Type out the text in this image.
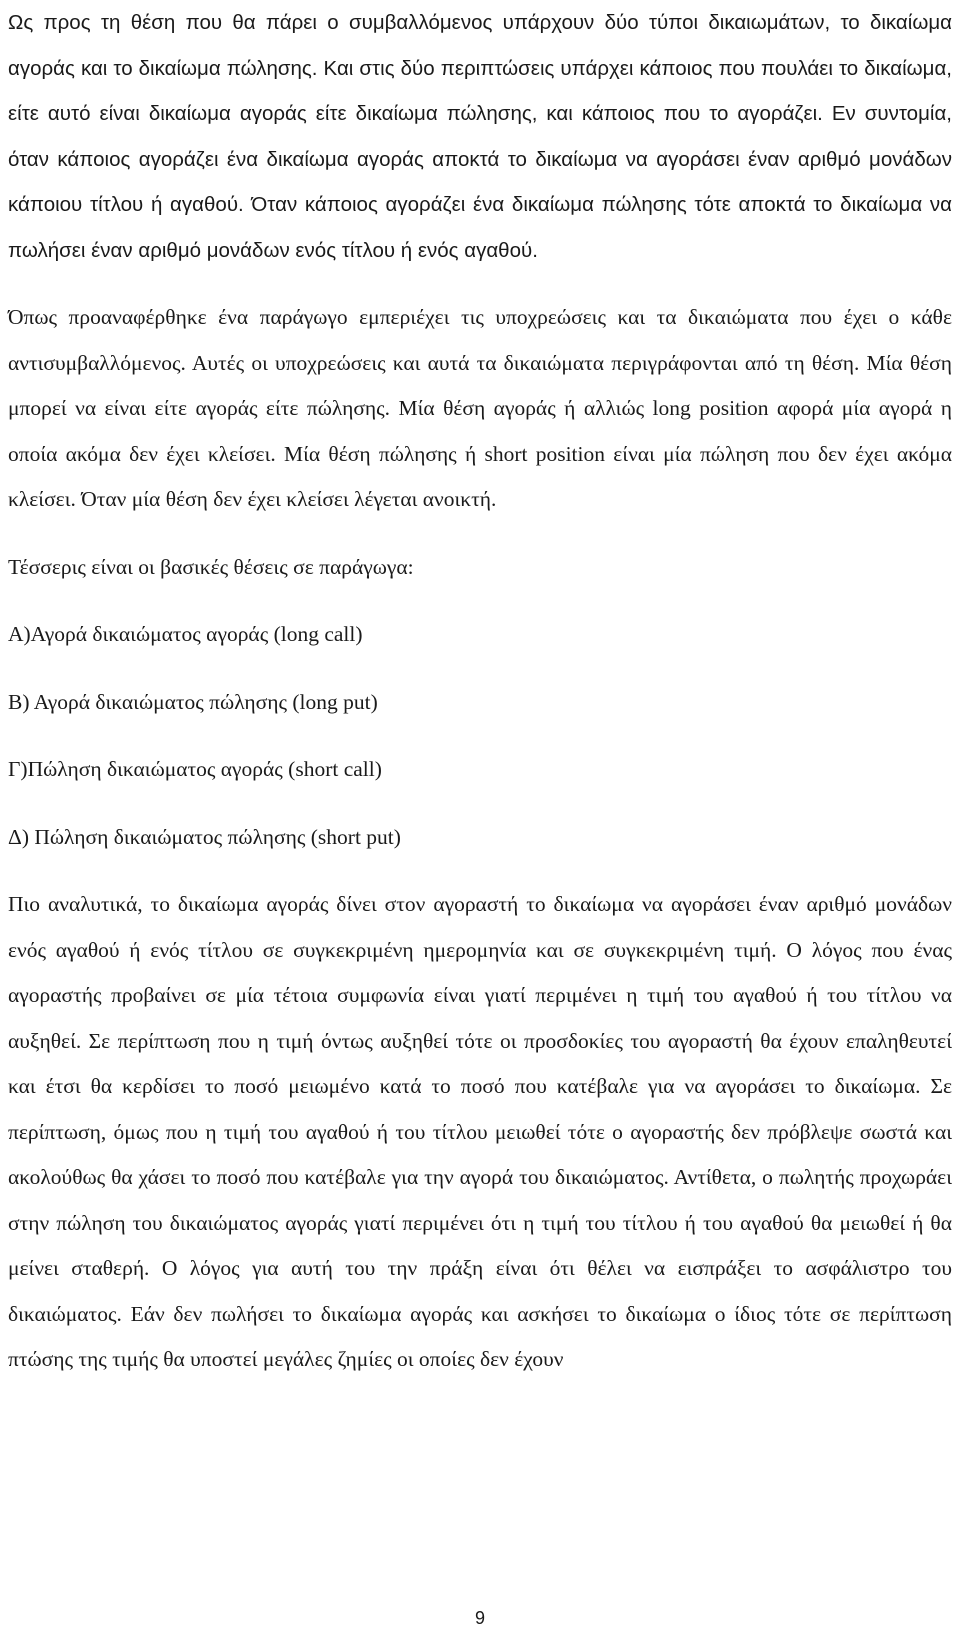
Ως προς τη θέση που θα πάρει ο συμβαλλόμενος υπάρχουν δύο τύποι δικαιωμάτων, το δικαίωμα αγοράς και το δικαίωμα πώλησης. Και στις δύο περιπτώσεις υπάρχει κάποιος που πουλάει το δικαίωμα, είτε αυτό είναι δικαίωμα αγοράς είτε δικαίωμα πώλησης, και κάποιος που το αγοράζει. Εν συντομία, όταν κάποιος αγοράζει ένα δικαίωμα αγοράς αποκτά το δικαίωμα να αγοράσει έναν αριθμό μονάδων κάποιου τίτλου ή αγαθού. Όταν κάποιος αγοράζει ένα δικαίωμα πώλησης τότε αποκτά το δικαίωμα να πωλήσει έναν αριθμό μονάδων ενός τίτλου ή ενός αγαθού.

Όπως προαναφέρθηκε ένα παράγωγο εμπεριέχει τις υποχρεώσεις και τα δικαιώματα που έχει ο κάθε αντισυμβαλλόμενος. Αυτές οι υποχρεώσεις και αυτά τα δικαιώματα περιγράφονται από τη θέση. Μία θέση μπορεί να είναι είτε αγοράς είτε πώλησης. Μία θέση αγοράς ή αλλιώς long position αφορά μία αγορά η οποία ακόμα δεν έχει κλείσει. Μία θέση πώλησης ή short position είναι μία πώληση που δεν έχει ακόμα κλείσει. Όταν μία θέση δεν έχει κλείσει λέγεται ανοικτή.

Τέσσερις είναι οι βασικές θέσεις σε παράγωγα:

Α)Αγορά δικαιώματος αγοράς (long call)

Β) Αγορά δικαιώματος πώλησης (long put)

Γ)Πώληση δικαιώματος αγοράς (short call)

Δ) Πώληση δικαιώματος πώλησης (short put)

Πιο αναλυτικά, το δικαίωμα αγοράς δίνει στον αγοραστή το δικαίωμα να αγοράσει έναν αριθμό μονάδων ενός αγαθού ή ενός τίτλου σε συγκεκριμένη ημερομηνία και σε συγκεκριμένη τιμή. Ο λόγος που ένας αγοραστής προβαίνει σε μία τέτοια συμφωνία είναι γιατί περιμένει η τιμή του αγαθού ή του τίτλου να αυξηθεί. Σε περίπτωση που η τιμή όντως αυξηθεί τότε οι προσδοκίες του αγοραστή θα έχουν επαληθευτεί και έτσι θα κερδίσει το ποσό μειωμένο κατά το ποσό που κατέβαλε για να αγοράσει το δικαίωμα. Σε περίπτωση, όμως που η τιμή του αγαθού ή του τίτλου μειωθεί τότε ο αγοραστής δεν πρόβλεψε σωστά και ακολούθως θα χάσει το ποσό που κατέβαλε για την αγορά του δικαιώματος. Αντίθετα, ο πωλητής προχωράει στην πώληση του δικαιώματος αγοράς γιατί περιμένει ότι η τιμή του τίτλου ή του αγαθού θα μειωθεί ή θα μείνει σταθερή. Ο λόγος για αυτή του την πράξη είναι ότι θέλει να εισπράξει το ασφάλιστρο του δικαιώματος. Εάν δεν πωλήσει το δικαίωμα αγοράς και ασκήσει το δικαίωμα ο ίδιος τότε σε περίπτωση πτώσης της τιμής θα υποστεί μεγάλες ζημίες οι οποίες δεν έχουν

9
